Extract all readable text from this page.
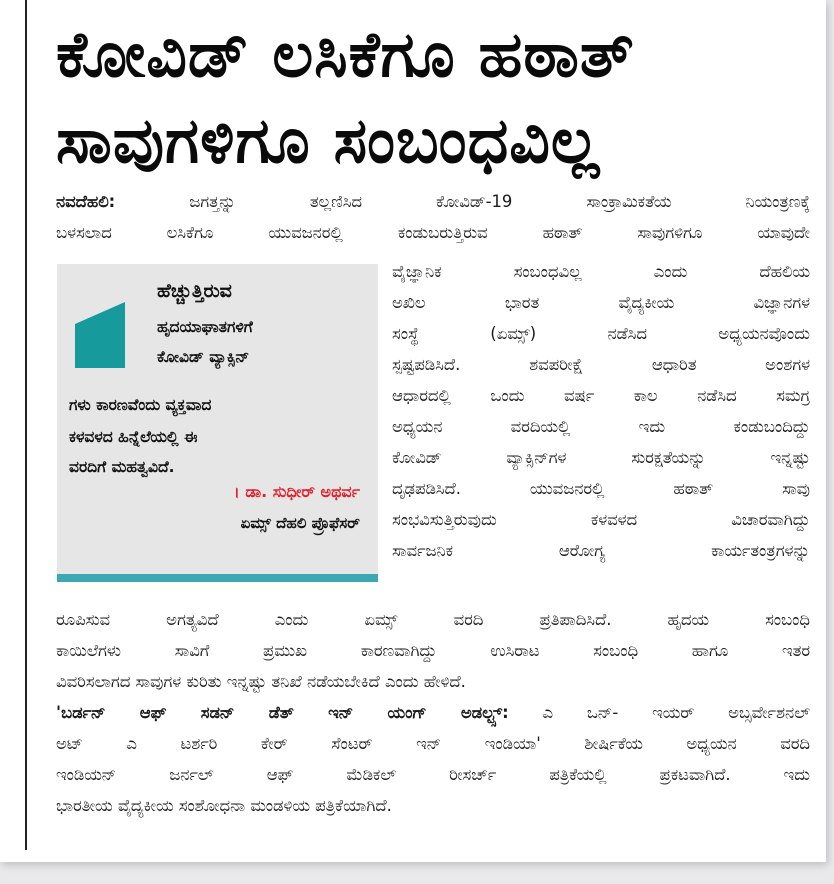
ಕೋವಿಡ್ ಲಸಿಕೆಗೂ ಹಠಾತ್
ಸಾವುಗಳಿಗೂ ಸಂಬಂಧವಿಲ್ಲ
ನವದೆಹಲಿ: ಜಗತ್ತನ್ನು ತಲ್ಲಣಿಸಿದ ಕೋವಿಡ್-19 ಸಾಂಕ್ರಾಮಿಕತೆಯ ನಿಯಂತ್ರಣಕ್ಕೆ
ಬಳಸಲಾದ ಲಸಿಕೆಗೂ ಯುವಜನರಲ್ಲಿ ಕಂಡುಬರುತ್ತಿರುವ ಹಠಾತ್ ಸಾವುಗಳಿಗೂ ಯಾವುದೇ
ಹೆಚ್ಚುತ್ತಿರುವ
ಹೃದಯಾಘಾತಗಳಿಗೆ
ಕೋವಿಡ್ ವ್ಯಾಕ್ಸಿನ್
ಗಳು ಕಾರಣವೆಂದು ವ್ಯಕ್ತವಾದ
ಕಳವಳದ ಹಿನ್ನೆಲೆಯಲ್ಲಿ ಈ
ವರದಿಗೆ ಮಹತ್ವವಿದೆ.
। ಡಾ. ಸುಧೀರ್ ಅಥರ್ವ
ಏಮ್ಸ್ ದೆಹಲಿ ಪ್ರೊಫೆಸರ್
ವೈಜ್ಞಾನಿಕ ಸಂಬಂಧವಿಲ್ಲ ಎಂದು ದೆಹಲಿಯ
ಅಖಿಲ ಭಾರತ ವೈದ್ಯಕೀಯ ವಿಜ್ಞಾನಗಳ
ಸಂಸ್ಥೆ (ಏಮ್ಸ್) ನಡೆಸಿದ ಅಧ್ಯಯನವೊಂದು
ಸ್ಪಷ್ಟಪಡಿಸಿದೆ. ಶವಪರೀಕ್ಷೆ ಆಧಾರಿತ ಅಂಶಗಳ
ಆಧಾರದಲ್ಲಿ ಒಂದು ವರ್ಷ ಕಾಲ ನಡೆಸಿದ ಸಮಗ್ರ
ಅಧ್ಯಯನ ವರದಿಯಲ್ಲಿ ಇದು ಕಂಡುಬಂದಿದ್ದು
ಕೋವಿಡ್ ವ್ಯಾಕ್ಸಿನ್‌ಗಳ ಸುರಕ್ಷತೆಯನ್ನು ಇನ್ನಷ್ಟು
ದೃಢಪಡಿಸಿದೆ. ಯುವಜನರಲ್ಲಿ ಹಠಾತ್ ಸಾವು
ಸಂಭವಿಸುತ್ತಿರುವುದು ಕಳವಳದ ವಿಚಾರವಾಗಿದ್ದು
ಸಾರ್ವಜನಿಕ ಆರೋಗ್ಯ ಕಾರ್ಯತಂತ್ರಗಳನ್ನು
ರೂಪಿಸುವ ಅಗತ್ಯವಿದೆ ಎಂದು ಏಮ್ಸ್ ವರದಿ ಪ್ರತಿಪಾದಿಸಿದೆ. ಹೃದಯ ಸಂಬಂಧಿ
ಕಾಯಿಲೆಗಳು ಸಾವಿಗೆ ಪ್ರಮುಖ ಕಾರಣವಾಗಿದ್ದು ಉಸಿರಾಟ ಸಂಬಂಧಿ ಹಾಗೂ ಇತರ
ವಿವರಿಸಲಾಗದ ಸಾವುಗಳ ಕುರಿತು ಇನ್ನಷ್ಟು ತನಿಖೆ ನಡೆಯಬೇಕಿದೆ ಎಂದು ಹೇಳಿದೆ.
'ಬರ್ಡನ್ ಆಫ್ ಸಡನ್ ಡೆತ್ ಇನ್ ಯಂಗ್ ಅಡಲ್ಟ್ಸ್: ಎ ಒನ್- ಇಯರ್ ಅಬ್ಸರ್ವೇಶನಲ್
ಅಟ್ ಎ ಟರ್ಶರಿ ಕೇರ್ ಸೆಂಟರ್ ಇನ್ ಇಂಡಿಯಾ' ಶೀರ್ಷಿಕೆಯ ಅಧ್ಯಯನ ವರದಿ
ಇಂಡಿಯನ್ ಜರ್ನಲ್ ಆಫ್ ಮೆಡಿಕಲ್ ರೀಸರ್ಚ್ ಪತ್ರಿಕೆಯಲ್ಲಿ ಪ್ರಕಟವಾಗಿದೆ. ಇದು
ಭಾರತೀಯ ವೈದ್ಯಕೀಯ ಸಂಶೋಧನಾ ಮಂಡಳಿಯ ಪತ್ರಿಕೆಯಾಗಿದೆ.
